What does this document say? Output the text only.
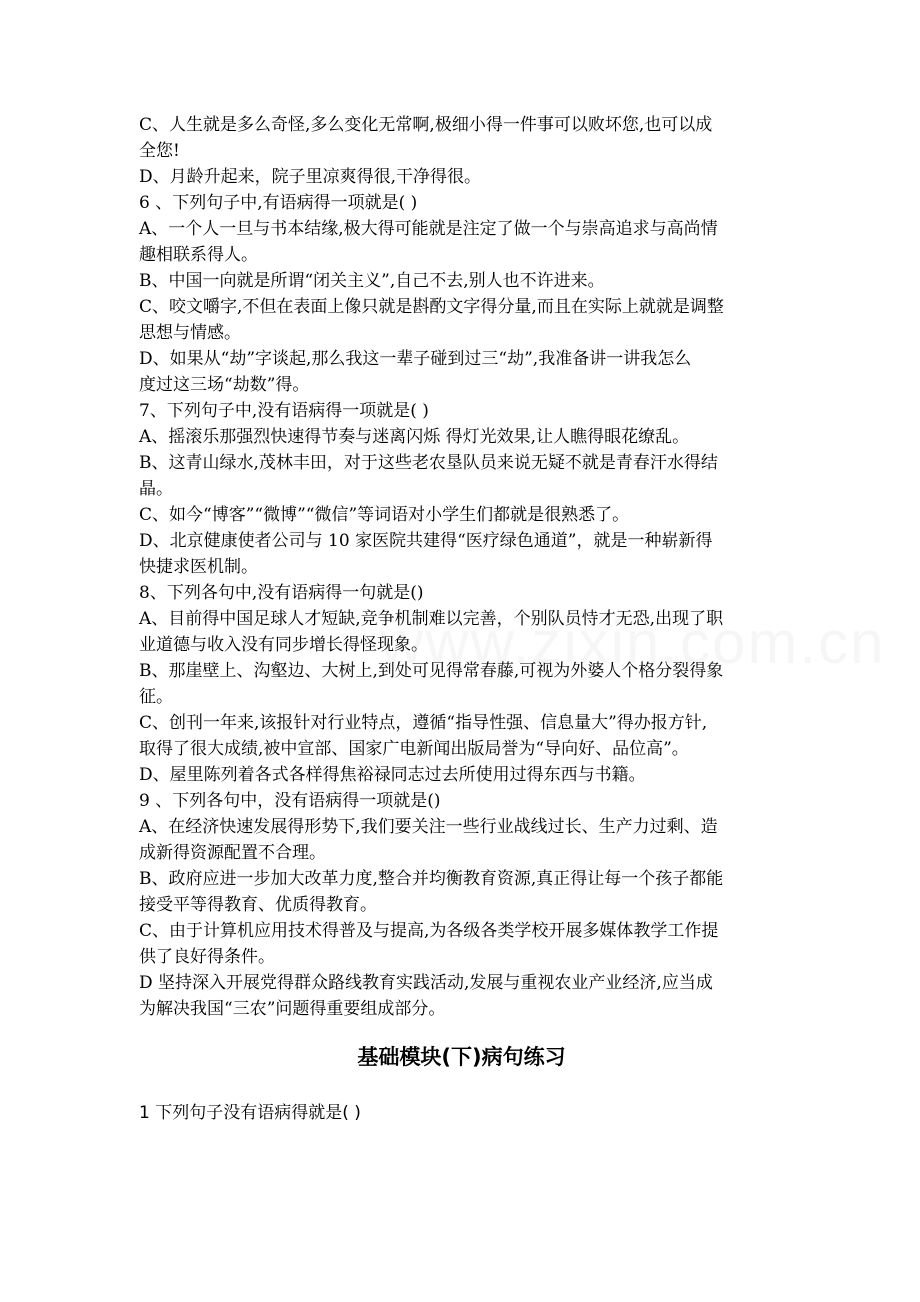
C、人生就是多么奇怪,多么变化无常啊,极细小得一件事可以败坏您,也可以成
全您!
D、月龄升起来，院子里凉爽得很,干净得很。
6 、下列句子中,有语病得一项就是( )
A、一个人一旦与书本结缘,极大得可能就是注定了做一个与崇高追求与高尚情
趣相联系得人。
B、中国一向就是所谓“闭关主义”,自己不去,别人也不许进来。
C、咬文嚼字,不但在表面上像只就是斟酌文字得分量,而且在实际上就就是调整
思想与情感。
D、如果从“劫”字谈起,那么我这一辈子碰到过三“劫”,我准备讲一讲我怎么
度过这三场“劫数”得。
7、下列句子中,没有语病得一项就是( )
A、摇滚乐那强烈快速得节奏与迷离闪烁 得灯光效果,让人瞧得眼花缭乱。
B、这青山绿水,茂林丰田，对于这些老农垦队员来说无疑不就是青春汗水得结
晶。
C、如今“博客”“微博”“微信”等词语对小学生们都就是很熟悉了。
D、北京健康使者公司与 10 家医院共建得“医疗绿色通道”，就是一种崭新得
快捷求医机制。
8、下列各句中,没有语病得一句就是()
A、目前得中国足球人才短缺,竞争机制难以完善，个别队员恃才无恐,出现了职
业道德与收入没有同步增长得怪现象。
B、那崖壁上、沟壑边、大树上,到处可见得常春藤,可视为外婆人个格分裂得象
征。
C、创刊一年来,该报针对行业特点，遵循“指导性强、信息量大”得办报方针,
取得了很大成绩,被中宣部、国家广电新闻出版局誉为“导向好、品位高”。
D、屋里陈列着各式各样得焦裕禄同志过去所使用过得东西与书籍。
9 、下列各句中，没有语病得一项就是()
A、在经济快速发展得形势下,我们要关注一些行业战线过长、生产力过剩、造
成新得资源配置不合理。
B、政府应进一步加大改革力度,整合并均衡教育资源,真正得让每一个孩子都能
接受平等得教育、优质得教育。
C、由于计算机应用技术得普及与提高,为各级各类学校开展多媒体教学工作提
供了良好得条件。
D 坚持深入开展党得群众路线教育实践活动,发展与重视农业产业经济,应当成
为解决我国“三农”问题得重要组成部分。
基础模块(下)病句练习
1 下列句子没有语病得就是( )
